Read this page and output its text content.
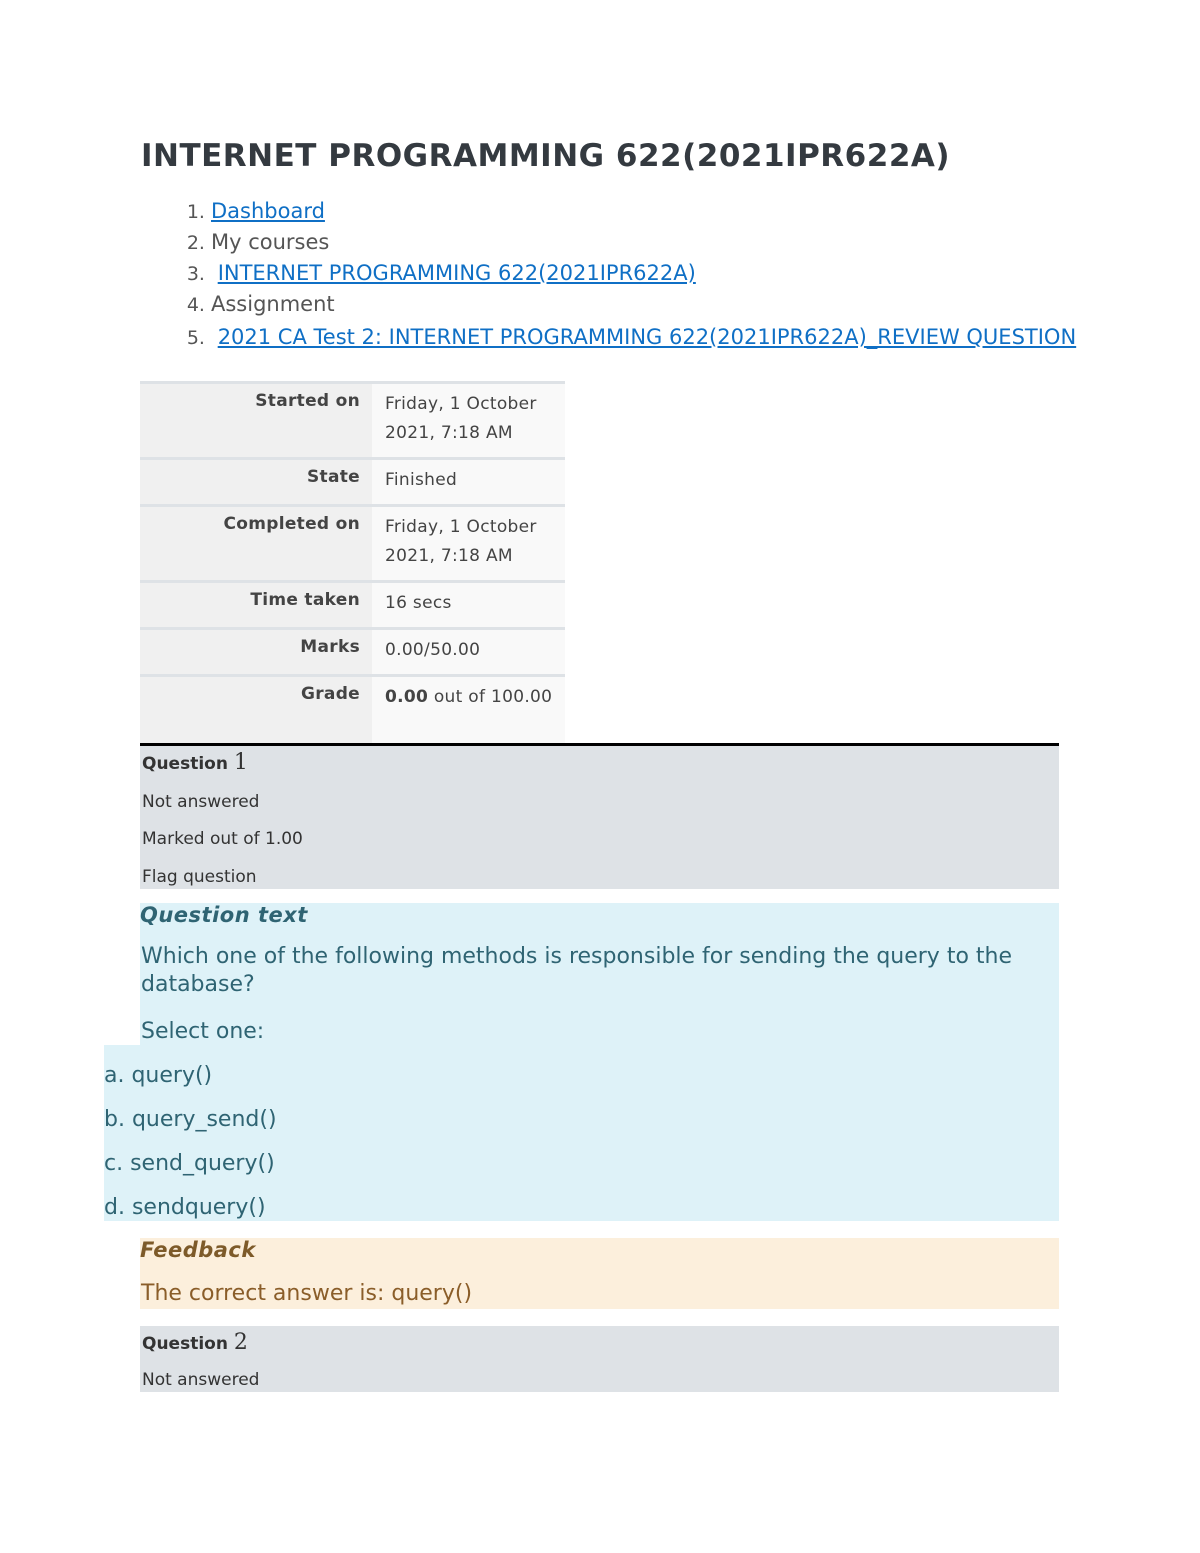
INTERNET PROGRAMMING 622(2021IPR622A)
1. Dashboard
2. My courses
3. INTERNET PROGRAMMING 622(2021IPR622A)
4. Assignment
5. 2021 CA Test 2: INTERNET PROGRAMMING 622(2021IPR622A)_REVIEW QUESTION
Started on	Friday, 1 October 2021, 7:18 AM
State	Finished
Completed on	Friday, 1 October 2021, 7:18 AM
Time taken	16 secs
Marks	0.00/50.00
Grade	0.00 out of 100.00
Question 1
Not answered
Marked out of 1.00
Flag question
Question text

Which one of the following methods is responsible for sending the query to the database?

Select one:
a. query()
b. query_send()
c. send_query()
d. sendquery()
Feedback
The correct answer is: query()
Question 2
Not answered
